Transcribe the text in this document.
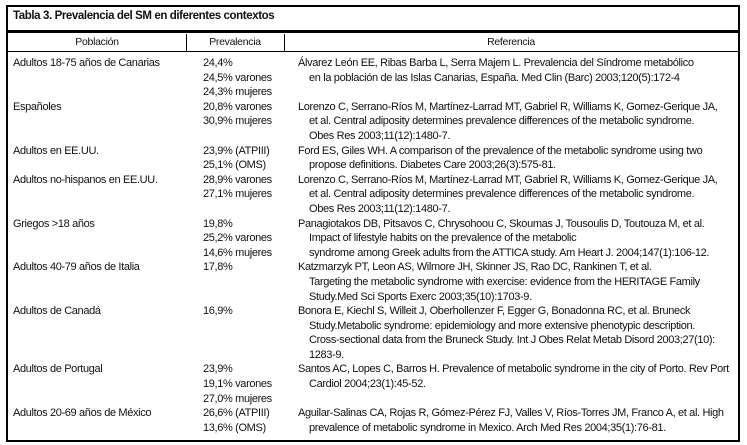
Tabla 3. Prevalencia del SM en diferentes contextos
Población	Prevalencia	Referencia
Adultos 18-75 años de Canarias	24,4%
24,5% varones
24,3% mujeres
Álvarez León EE, Ribas Barba L, Serra Majem L. Prevalencia del Síndrome metabólico
en la población de las Islas Canarias, España. Med Clin (Barc) 2003;120(5):172-4
Españoles	20,8% varones
30,9% mujeres
Lorenzo C, Serrano-Ríos M, Martínez-Larrad MT, Gabriel R, Williams K, Gomez-Gerique JA,
et al. Central adiposity determines prevalence differences of the metabolic syndrome.
Obes Res 2003;11(12):1480-7.
Adultos en EE.UU.	23,9% (ATPIII)
25,1% (OMS)
Ford ES, Giles WH. A comparison of the prevalence of the metabolic syndrome using two
propose definitions. Diabetes Care 2003;26(3):575-81.
Adultos no-hispanos en EE.UU.	28,9% varones
27,1% mujeres
Lorenzo C, Serrano-Ríos M, Martínez-Larrad MT, Gabriel R, Williams K, Gomez-Gerique JA,
et al. Central adiposity determines prevalence differences of the metabolic syndrome.
Obes Res 2003;11(12):1480-7.
Griegos >18 años	19,8%
25,2% varones
14,6% mujeres
Panagiotakos DB, Pitsavos C, Chrysohoou C, Skoumas J, Tousoulis D, Toutouza M, et al.
Impact of lifestyle habits on the prevalence of the metabolic
syndrome among Greek adults from the ATTICA study. Am Heart J. 2004;147(1):106-12.
Adultos 40-79 años de Italia	17,8%	Katzmarzyk PT, Leon AS, Wilmore JH, Skinner JS, Rao DC, Rankinen T, et al.
Targeting the metabolic syndrome with exercise: evidence from the HERITAGE Family
Study.Med Sci Sports Exerc 2003;35(10):1703-9.
Adultos de Canadá	16,9%	Bonora E, Kiechl S, Willeit J, Oberhollenzer F, Egger G, Bonadonna RC, et al. Bruneck
Study.Metabolic syndrome: epidemiology and more extensive phenotypic description.
Cross-sectional data from the Bruneck Study. Int J Obes Relat Metab Disord 2003;27(10):
1283-9.
Adultos de Portugal	23,9%
19,1% varones
27,0% mujeres
Santos AC, Lopes C, Barros H. Prevalence of metabolic syndrome in the city of Porto. Rev Port
Cardiol 2004;23(1):45-52.
Adultos 20-69 años de México	26,6% (ATPIII)
13,6% (OMS)
Aguilar-Salinas CA, Rojas R, Gómez-Pérez FJ, Valles V, Ríos-Torres JM, Franco A, et al. High
prevalence of metabolic syndrome in Mexico. Arch Med Res 2004;35(1):76-81.
